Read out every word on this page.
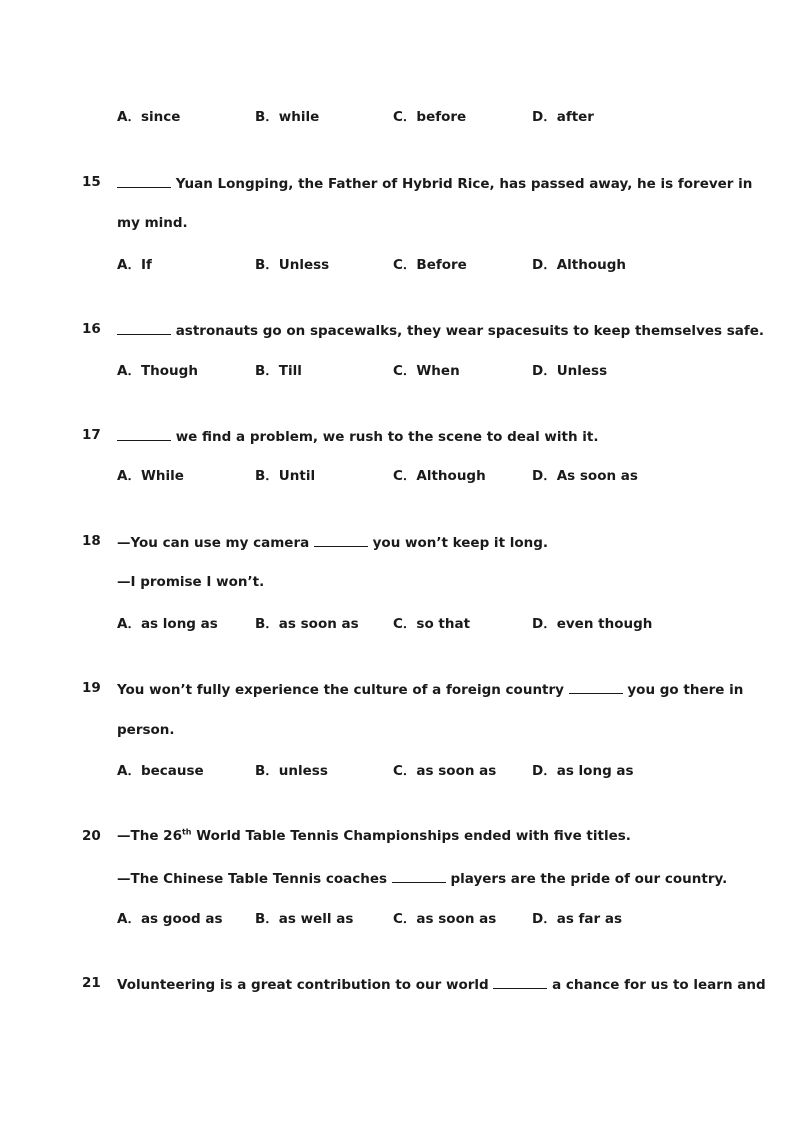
A．since	B．while	C．before	D．after
15	Yuan Longping, the Father of Hybrid Rice, has passed away, he is forever in
my mind.
A．If	B．Unless	C．Before	D．Although
16	astronauts go on spacewalks, they wear spacesuits to keep themselves safe.
A．Though	B．Till	C．When	D．Unless
17	we find a problem, we rush to the scene to deal with it.
A．While	B．Until	C．Although	D．As soon as
18 —You can use my camera	you won’t keep it long.
—I promise I won’t.
A．as long as	B．as soon as	C．so that	D．even though
19 You won’t fully experience the culture of a foreign country	you go there in
person.
A．because	B．unless	C．as soon as	D．as long as
20 —The 26th World Table Tennis Championships ended with five titles.
—The Chinese Table Tennis coaches	players are the pride of our country.
A．as good as B．as well as	C．as soon as	D．as far as
21 Volunteering is a great contribution to our world	a chance for us to learn and
